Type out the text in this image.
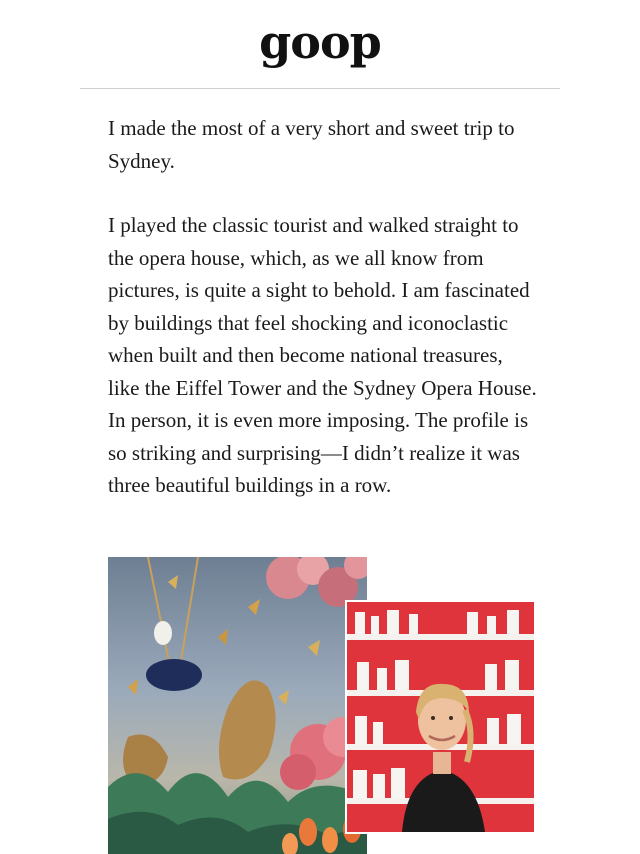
goop

I made the most of a very short and sweet trip to Sydney.

I played the classic tourist and walked straight to the opera house, which, as we all know from pictures, is quite a sight to behold. I am fascinated by buildings that feel shocking and iconoclastic when built and then become national treasures, like the Eiffel Tower and the Sydney Opera House. In person, it is even more imposing. The profile is so striking and surprising—I didn’t realize it was three beautiful buildings in a row.
